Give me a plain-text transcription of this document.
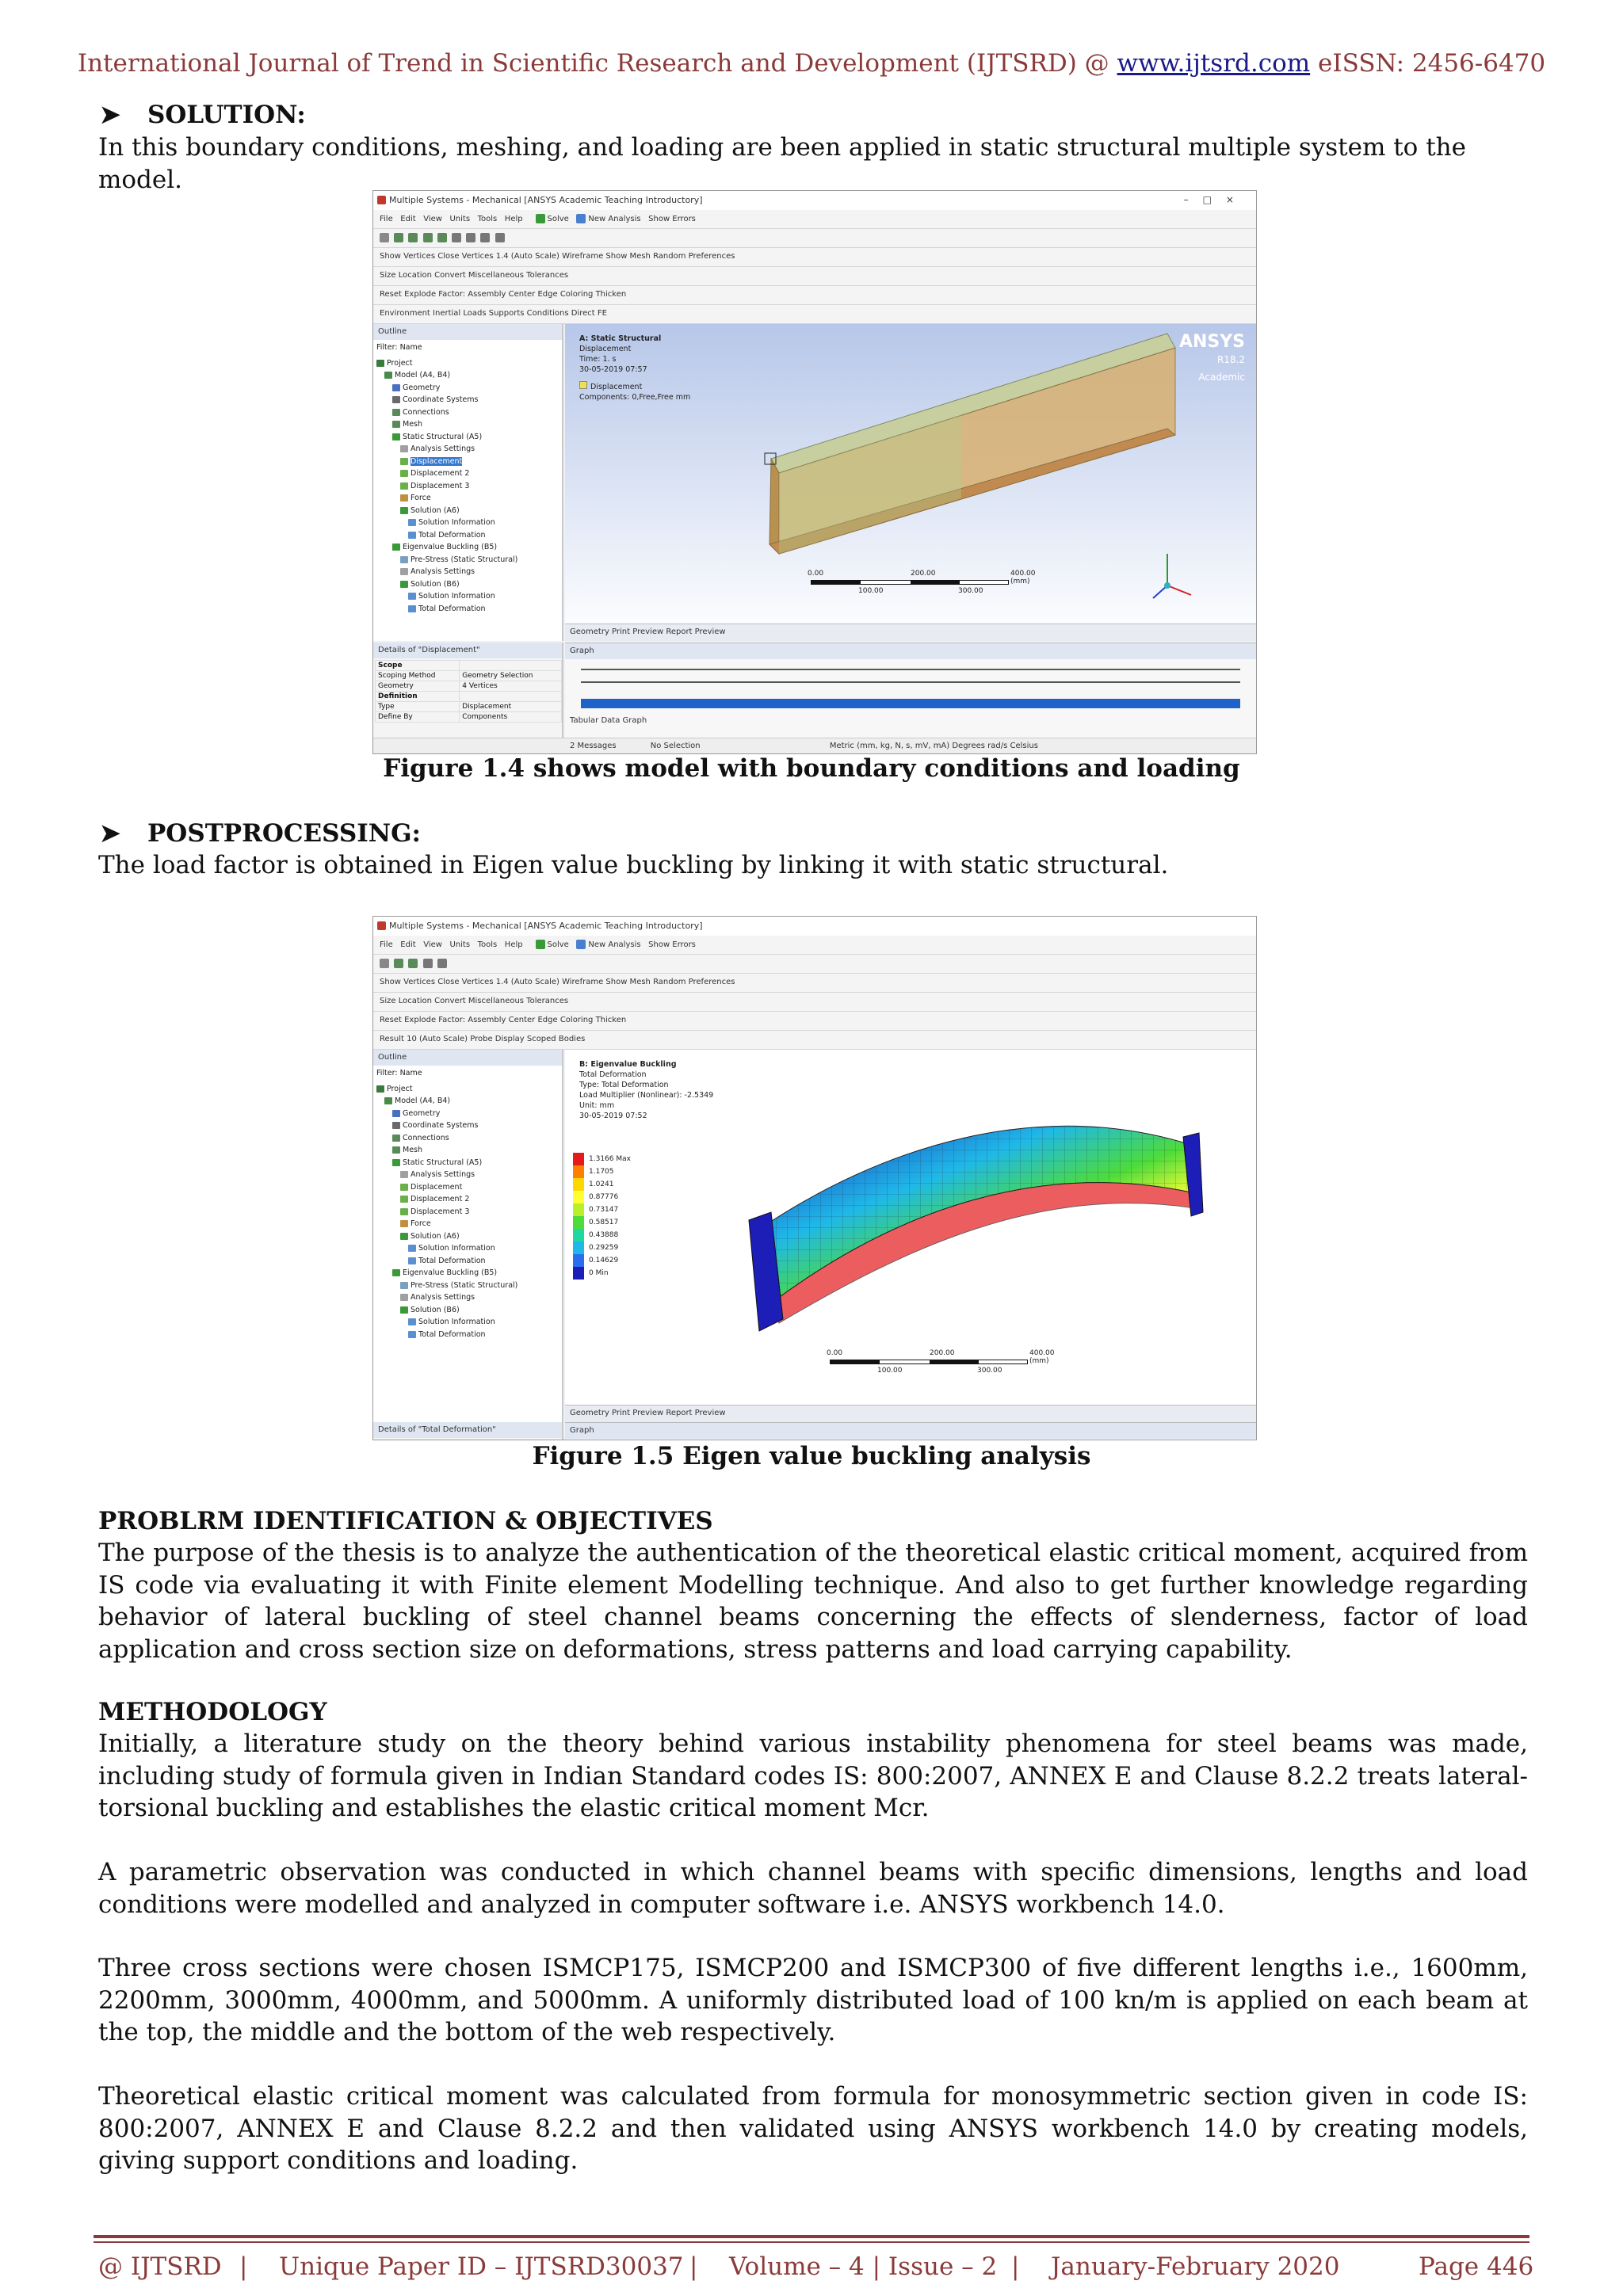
International Journal of Trend in Scientific Research and Development (IJTSRD) @ www.ijtsrd.com eISSN: 2456-6470
➤ SOLUTION:
In this boundary conditions, meshing, and loading are been applied in static structural multiple system to the model.
Multiple Systems - Mechanical [ANSYS Academic Teaching Introductory]	–□×
File Edit View Units Tools Help	Solve New Analysis Show Errors

Show Vertices Close Vertices 1.4 (Auto Scale) Wireframe Show Mesh Random Preferences
Size Location Convert Miscellaneous Tolerances
Reset Explode Factor: Assembly Center Edge Coloring Thicken
Environment Inertial Loads Supports Conditions Direct FE
Outline
Filter: Name
Project
Model (A4, B4)
Geometry
Coordinate Systems
Connections
Mesh
Static Structural (A5)
Analysis Settings
Displacement
Displacement 2
Displacement 3
Force
Solution (A6)
Solution Information
Total Deformation
Eigenvalue Buckling (B5)
Pre-Stress (Static Structural)
Analysis Settings
Solution (B6)
Solution Information
Total Deformation
A: Static Structural
Displacement
Time: 1. s
30-05-2019 07:57
Displacement
Components: 0,Free,Free mm
ANSYS
R18.2
Academic
0.00	200.00	400.00 (mm)
100.00	300.00
Geometry Print Preview Report Preview
Details of "Displacement"
Scope	
Scoping Method	Geometry Selection
Geometry	4 Vertices
Definition	
Type	Displacement
Define By	Components
Graph
Tabular Data Graph
2 Messages	No Selection	Metric (mm, kg, N, s, mV, mA) Degrees rad/s Celsius
Figure 1.4 shows model with boundary conditions and loading
➤ POSTPROCESSING:
The load factor is obtained in Eigen value buckling by linking it with static structural.
Multiple Systems - Mechanical [ANSYS Academic Teaching Introductory]
File Edit View Units Tools Help	Solve New Analysis Show Errors

Show Vertices Close Vertices 1.4 (Auto Scale) Wireframe Show Mesh Random Preferences
Size Location Convert Miscellaneous Tolerances
Reset Explode Factor: Assembly Center Edge Coloring Thicken
Result 10 (Auto Scale) Probe Display Scoped Bodies
Outline
Filter: Name
Project
Model (A4, B4)
Geometry
Coordinate Systems
Connections
Mesh
Static Structural (A5)
Analysis Settings
Displacement
Displacement 2
Displacement 3
Force
Solution (A6)
Solution Information
Total Deformation
Eigenvalue Buckling (B5)
Pre-Stress (Static Structural)
Analysis Settings
Solution (B6)
Solution Information
Total Deformation
B: Eigenvalue Buckling
Total Deformation
Type: Total Deformation
Load Multiplier (Nonlinear): -2.5349
Unit: mm
30-05-2019 07:52
1.3166 Max
1.1705
1.0241
0.87776
0.73147
0.58517
0.43888
0.29259
0.14629
0 Min
0.00	200.00	400.00 (mm)
100.00	300.00
Geometry Print Preview Report Preview
Details of "Total Deformation"	Graph
Figure 1.5 Eigen value buckling analysis
PROBLRM IDENTIFICATION & OBJECTIVES
The purpose of the thesis is to analyze the authentication of the theoretical elastic critical moment, acquired from IS code via evaluating it with Finite element Modelling technique. And also to get further knowledge regarding behavior of lateral buckling of steel channel beams concerning the effects of slenderness, factor of load application and cross section size on deformations, stress patterns and load carrying capability.
METHODOLOGY
Initially, a literature study on the theory behind various instability phenomena for steel beams was made, including study of formula given in Indian Standard codes IS: 800:2007, ANNEX E and Clause 8.2.2 treats lateral-torsional buckling and establishes the elastic critical moment Mcr.
A parametric observation was conducted in which channel beams with specific dimensions, lengths and load conditions were modelled and analyzed in computer software i.e. ANSYS workbench 14.0.
Three cross sections were chosen ISMCP175, ISMCP200 and ISMCP300 of five different lengths i.e., 1600mm, 2200mm, 3000mm, 4000mm, and 5000mm. A uniformly distributed load of 100 kn/m is applied on each beam at the top, the middle and the bottom of the web respectively.
Theoretical elastic critical moment was calculated from formula for monosymmetric section given in code IS: 800:2007, ANNEX E and Clause 8.2.2 and then validated using ANSYS workbench 14.0 by creating models, giving support conditions and loading.
@ IJTSRD | Unique Paper ID – IJTSRD30037 | Volume – 4 | Issue – 2 | January-February 2020	Page 446
